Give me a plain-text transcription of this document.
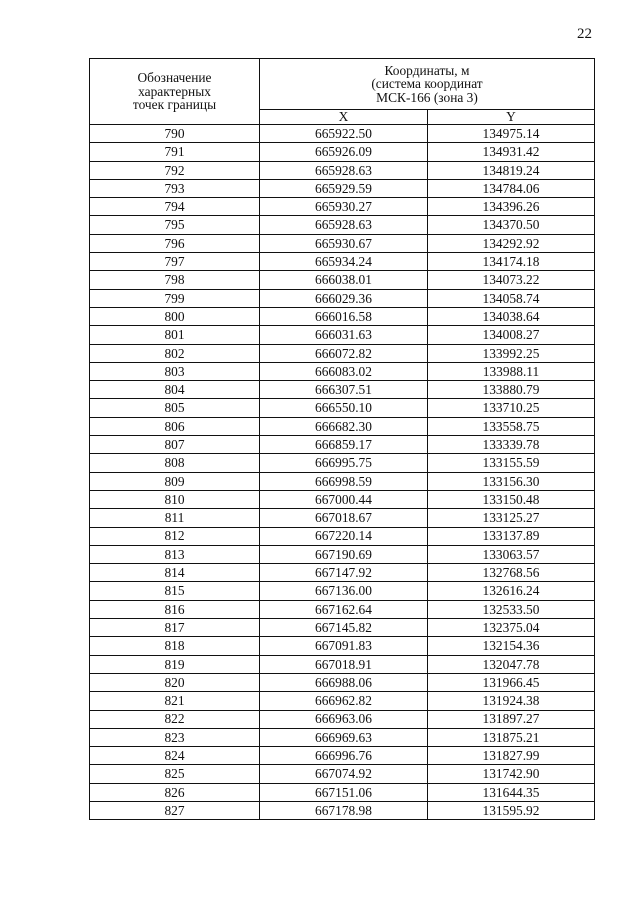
22
Обозначение
характерных
точек границы	Координаты, м
(система координат
МСК-166 (зона 3)	

	X	Y
790	665922.50	134975.14
791	665926.09	134931.42
792	665928.63	134819.24
793	665929.59	134784.06
794	665930.27	134396.26
795	665928.63	134370.50
796	665930.67	134292.92
797	665934.24	134174.18
798	666038.01	134073.22
799	666029.36	134058.74
800	666016.58	134038.64
801	666031.63	134008.27
802	666072.82	133992.25
803	666083.02	133988.11
804	666307.51	133880.79
805	666550.10	133710.25
806	666682.30	133558.75
807	666859.17	133339.78
808	666995.75	133155.59
809	666998.59	133156.30
810	667000.44	133150.48
811	667018.67	133125.27
812	667220.14	133137.89
813	667190.69	133063.57
814	667147.92	132768.56
815	667136.00	132616.24
816	667162.64	132533.50
817	667145.82	132375.04
818	667091.83	132154.36
819	667018.91	132047.78
820	666988.06	131966.45
821	666962.82	131924.38
822	666963.06	131897.27
823	666969.63	131875.21
824	666996.76	131827.99
825	667074.92	131742.90
826	667151.06	131644.35
827	667178.98	131595.92
